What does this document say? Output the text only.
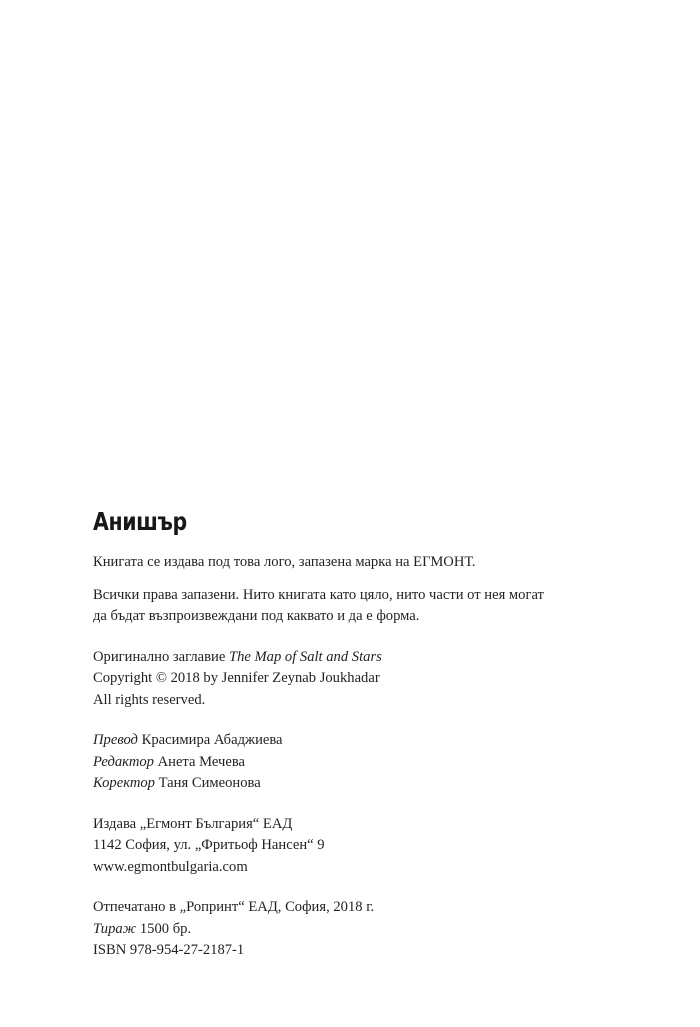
Анишър
Книгата се издава под това лого, запазена марка на ЕГМОНТ.
Всички права запазени. Нито книгата като цяло, нито части от нея могат
да бъдат възпроизвеждани под каквато и да е форма.
Оригинално заглавие The Map of Salt and Stars
Copyright © 2018 by Jennifer Zeynab Joukhadar
All rights reserved.
Превод Красимира Абаджиева
Редактор Анета Мечева
Коректор Таня Симеонова
Издава „Егмонт България“ ЕАД
1142 София, ул. „Фритьоф Нансен“ 9
www.egmontbulgaria.com
Отпечатано в „Ропринт“ ЕАД, София, 2018 г.
Тираж 1500 бр.
ISBN 978-954-27-2187-1
